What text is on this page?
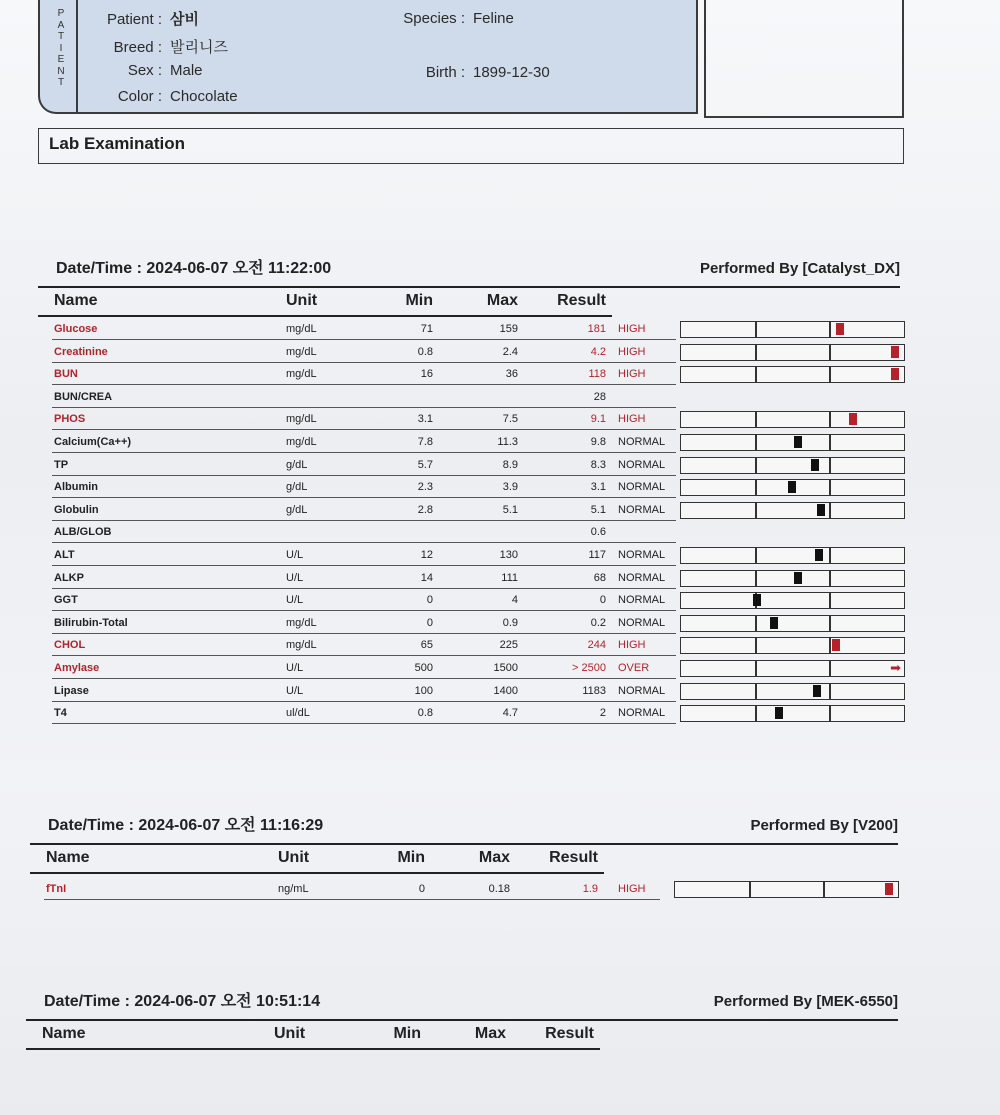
P
A
T
I
E
N
T
Patient : 삼비	Species : Feline
Breed : 발리니즈
Sex : Male	Birth : 1899-12-30
Color : Chocolate
Lab Examination
Date/Time : 2024-06-07 오전 11:22:00	Performed By [Catalyst_DX]
Name	Unit	Min	Max Result
Glucose	mg/dL	71	159	181 HIGH
Creatinine	mg/dL	0.8	2.4	4.2 HIGH
BUN	mg/dL	16	36	118 HIGH
BUN/CREA	28
PHOS	mg/dL	3.1	7.5	9.1 HIGH
Calcium(Ca++)	mg/dL	7.8	11.3	9.8 NORMAL
TP	g/dL	5.7	8.9	8.3 NORMAL
Albumin	g/dL	2.3	3.9	3.1 NORMAL
Globulin	g/dL	2.8	5.1	5.1 NORMAL
ALB/GLOB	0.6
ALT	U/L	12	130	117 NORMAL
ALKP	U/L	14	111	68 NORMAL
GGT	U/L	0	4	0 NORMAL
Bilirubin-Total	mg/dL	0	0.9	0.2 NORMAL
CHOL	mg/dL	65	225	244 HIGH
Amylase	U/L	500	1500	> 2500 OVER	➡
Lipase	U/L	100	1400	1183 NORMAL
T4	ul/dL	0.8	4.7	2 NORMAL
Date/Time : 2024-06-07 오전 11:16:29	Performed By [V200]
Name	Unit	Min	Max Result
fTnI	ng/mL	0	0.18	1.9 HIGH
Date/Time : 2024-06-07 오전 10:51:14	Performed By [MEK-6550]
Name	Unit	Min	Max Result
